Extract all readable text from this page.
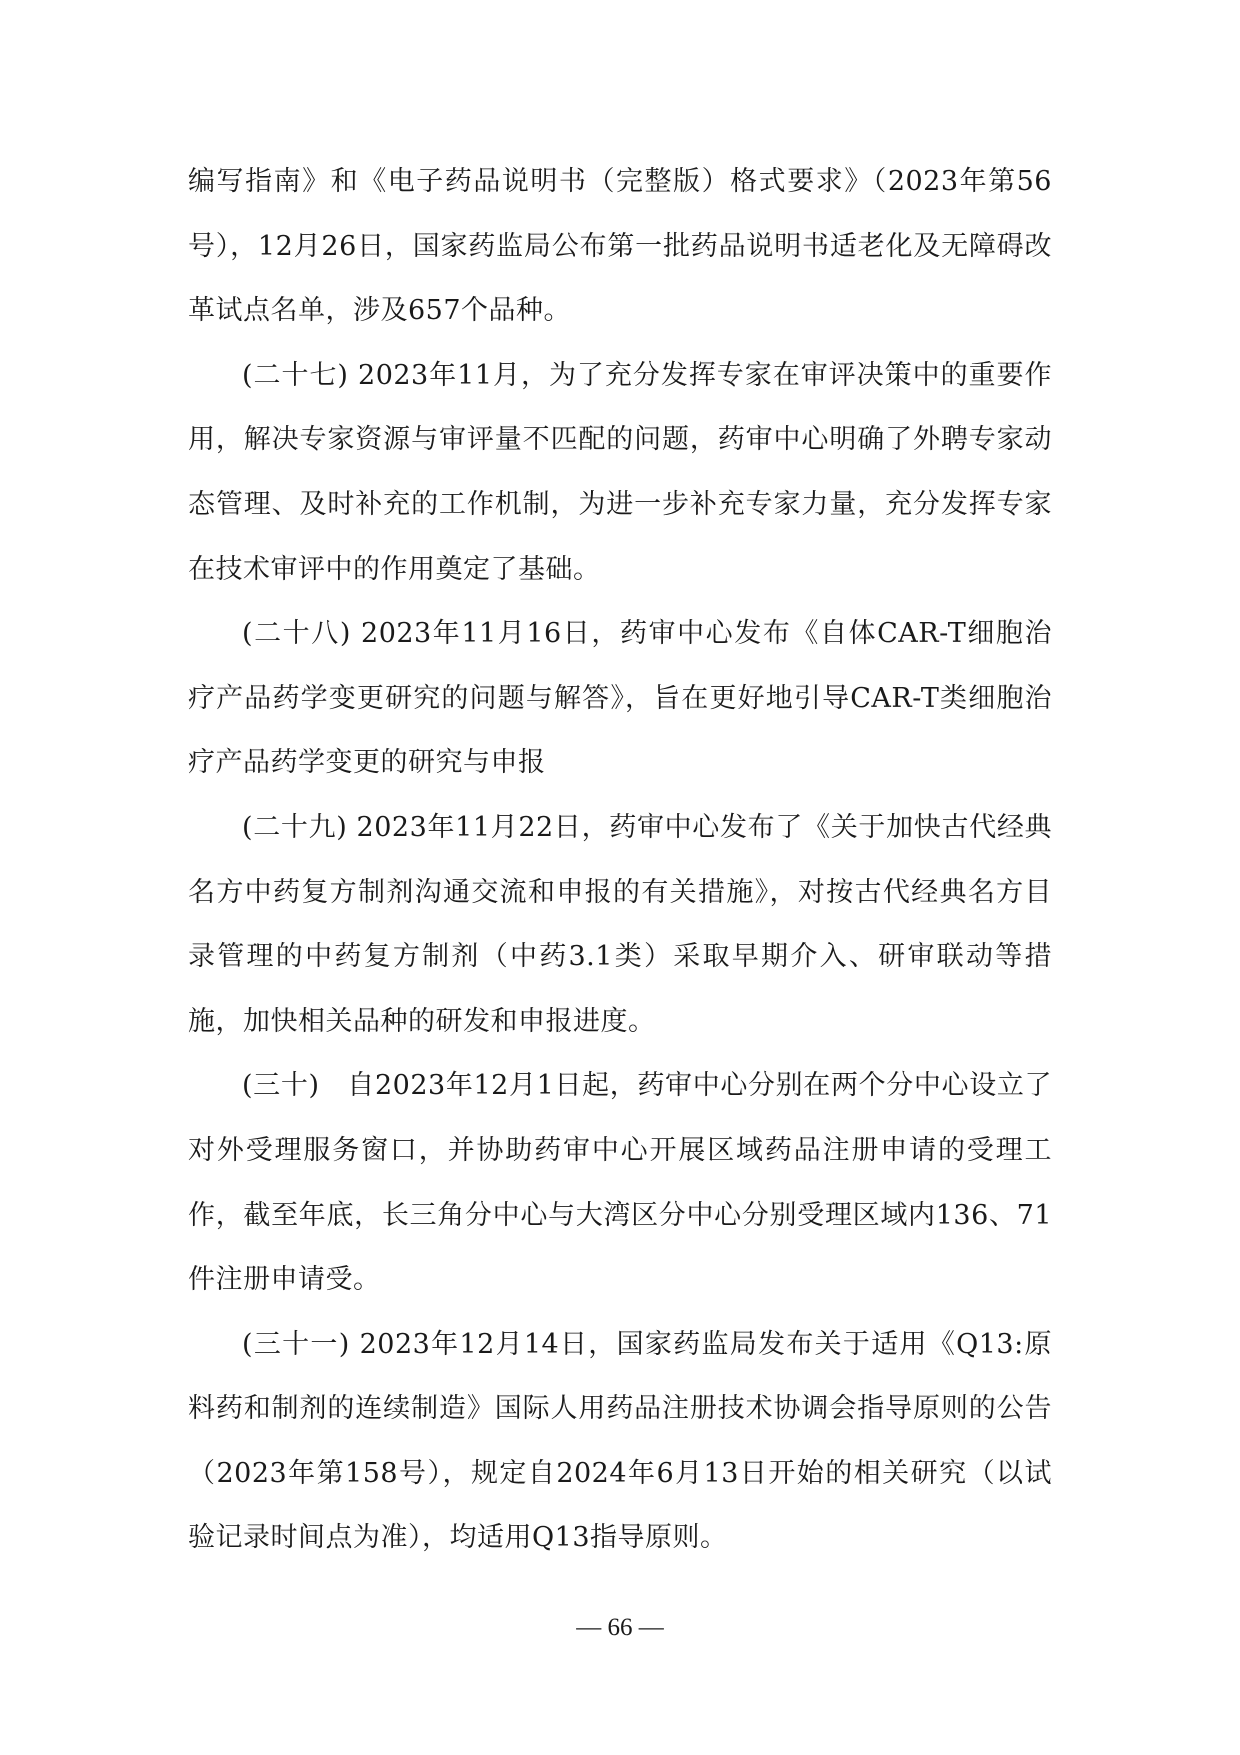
编写指南》和《电子药品说明书（完整版）格式要求》（2023年第56号），12月26日，国家药监局公布第一批药品说明书适老化及无障碍改革试点名单，涉及657个品种。

(二十七) 2023年11月，为了充分发挥专家在审评决策中的重要作用，解决专家资源与审评量不匹配的问题，药审中心明确了外聘专家动态管理、及时补充的工作机制，为进一步补充专家力量，充分发挥专家在技术审评中的作用奠定了基础。

(二十八) 2023年11月16日，药审中心发布《自体CAR-T细胞治疗产品药学变更研究的问题与解答》，旨在更好地引导CAR-T类细胞治疗产品药学变更的研究与申报

(二十九) 2023年11月22日，药审中心发布了《关于加快古代经典名方中药复方制剂沟通交流和申报的有关措施》，对按古代经典名方目录管理的中药复方制剂（中药3.1类）采取早期介入、研审联动等措施，加快相关品种的研发和申报进度。

(三十)　自2023年12月1日起，药审中心分别在两个分中心设立了对外受理服务窗口，并协助药审中心开展区域药品注册申请的受理工作，截至年底，长三角分中心与大湾区分中心分别受理区域内136、71件注册申请受。

(三十一) 2023年12月14日，国家药监局发布关于适用《Q13:原料药和制剂的连续制造》国际人用药品注册技术协调会指导原则的公告（2023年第158号），规定自2024年6月13日开始的相关研究（以试验记录时间点为准），均适用Q13指导原则。

— 66 —
